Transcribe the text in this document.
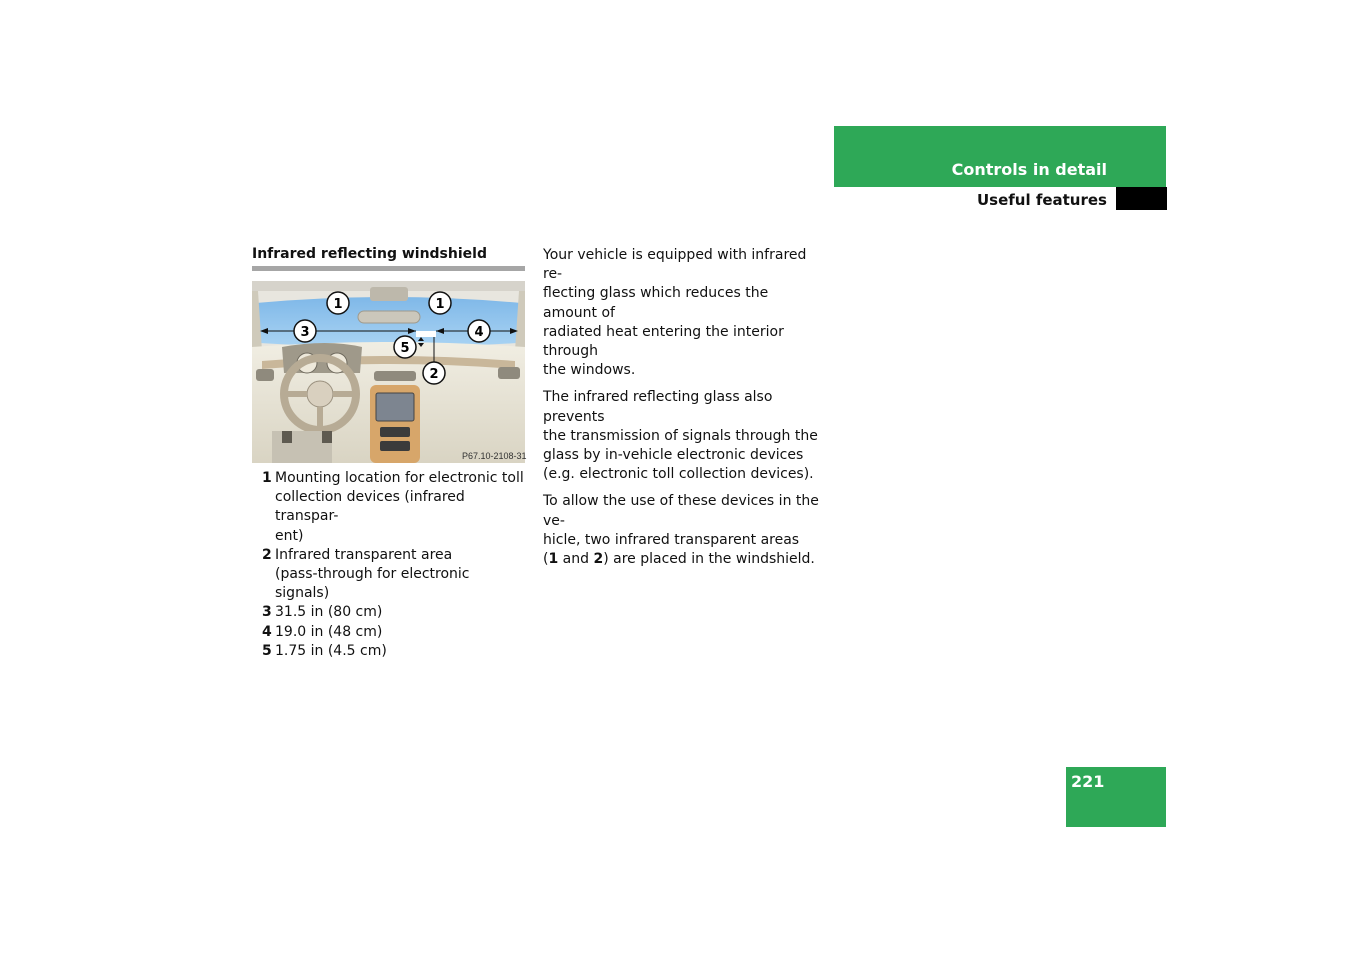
Controls in detail
Useful features
Infrared reflecting windshield
1	1
3	4
5
2
P67.10-2108-31
1 Mounting location for electronic toll
collection devices (infrared transpar-
ent)
2 Infrared transparent area
(pass-through for electronic signals)
3 31.5 in (80 cm)
4 19.0 in (48 cm)
5 1.75 in (4.5 cm)

Your vehicle is equipped with infrared re-
flecting glass which reduces the amount of
radiated heat entering the interior through
the windows.

The infrared reflecting glass also prevents
the transmission of signals through the
glass by in-vehicle electronic devices
(e.g. electronic toll collection devices).

To allow the use of these devices in the ve-
hicle, two infrared transparent areas
(1 and 2) are placed in the windshield.

221
